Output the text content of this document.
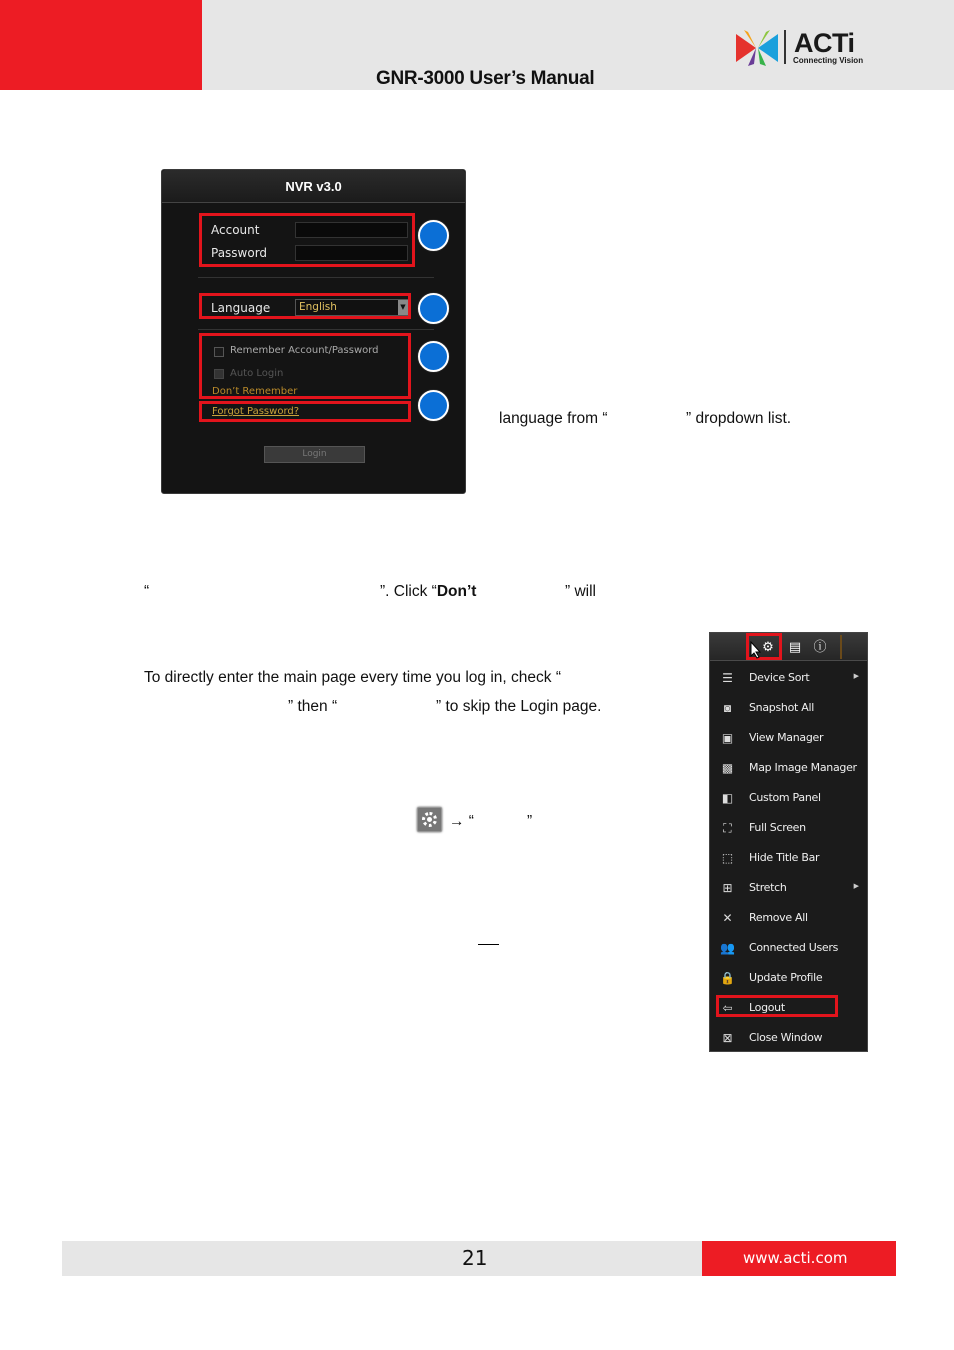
GNR-3000 User’s Manual
ACTi
Connecting Vision
NVR v3.0
Account
Password
Language	English	▼
Remember Account/Password
Auto Login
Don’t Remember
Forgot Password?
Login
language from “	” dropdown list.
“	”. Click “Don’t	” will
To directly enter the main page every time you log in, check “
” then “	” to skip the Login page.
→ “	”
⚙ ▤ ⓘ
☰ Device Sort	▶
◙	Snapshot All
▣ View Manager
▩ Map Image Manager
◧ Custom Panel
⛶	Full Screen
⬚ Hide Title Bar
⊞	Stretch	▶
✕	Remove All
👥 Connected Users
🔒 Update Profile
⇦	Logout
⊠	Close Window
21	www.acti.com
